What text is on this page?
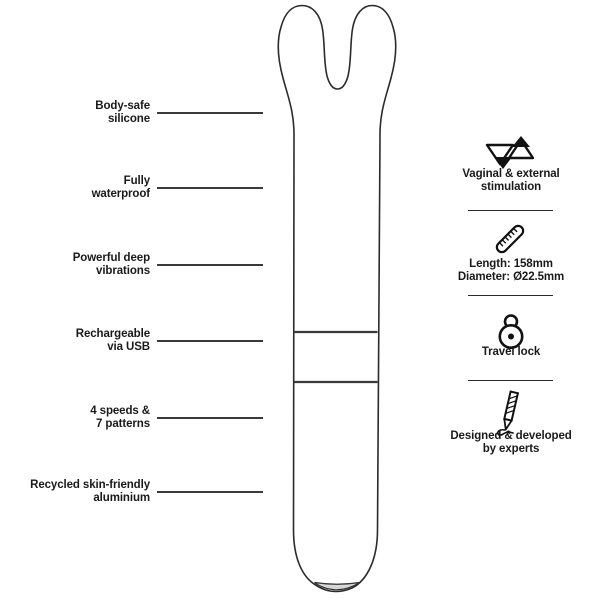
Body-safe
silicone
Fully
waterproof
Powerful deep
vibrations
Rechargeable
via USB
4 speeds &
7 patterns
Recycled skin-friendly
aluminium
Vaginal & external
stimulation
Length: 158mm
Diameter: Ø22.5mm
Travel lock
Designed & developed
by experts
